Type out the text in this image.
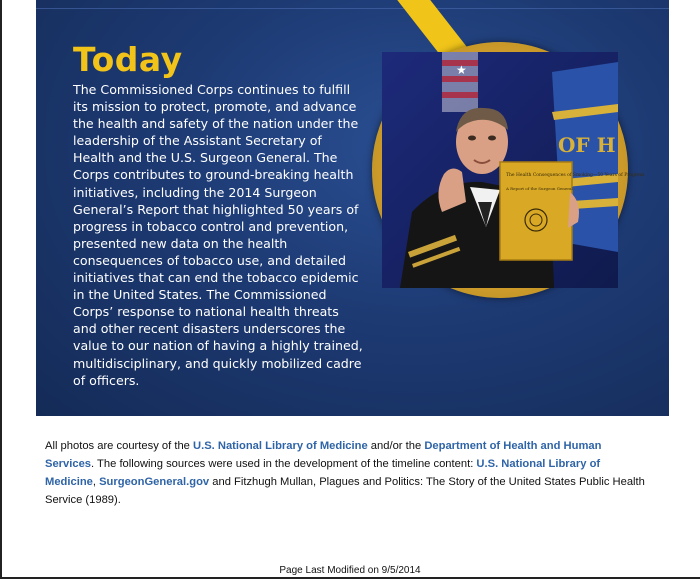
Today

The Commissioned Corps continues to fulfill its mission to protect, promote, and advance the health and safety of the nation under the leadership of the Assistant Secretary of Health and the U.S. Surgeon General. The Corps contributes to ground-breaking health initiatives, including the 2014 Surgeon General’s Report that highlighted 50 years of progress in tobacco control and prevention, presented new data on the health consequences of tobacco use, and detailed initiatives that can end the tobacco epidemic in the United States. The Commissioned Corps’ response to national health threats and other recent disasters underscores the value to our nation of having a highly trained, multidisciplinary, and quickly mobilized cadre of officers.

★
OF H
The Health Consequences of Smoking—50 Years of Progress
A Report of the Surgeon General

All photos are courtesy of the U.S. National Library of Medicine and/or the Department of Health and Human Services. The following sources were used in the development of the timeline content: U.S. National Library of Medicine, SurgeonGeneral.gov and Fitzhugh Mullan, Plagues and Politics: The Story of the United States Public Health Service (1989).

Page Last Modified on 9/5/2014
